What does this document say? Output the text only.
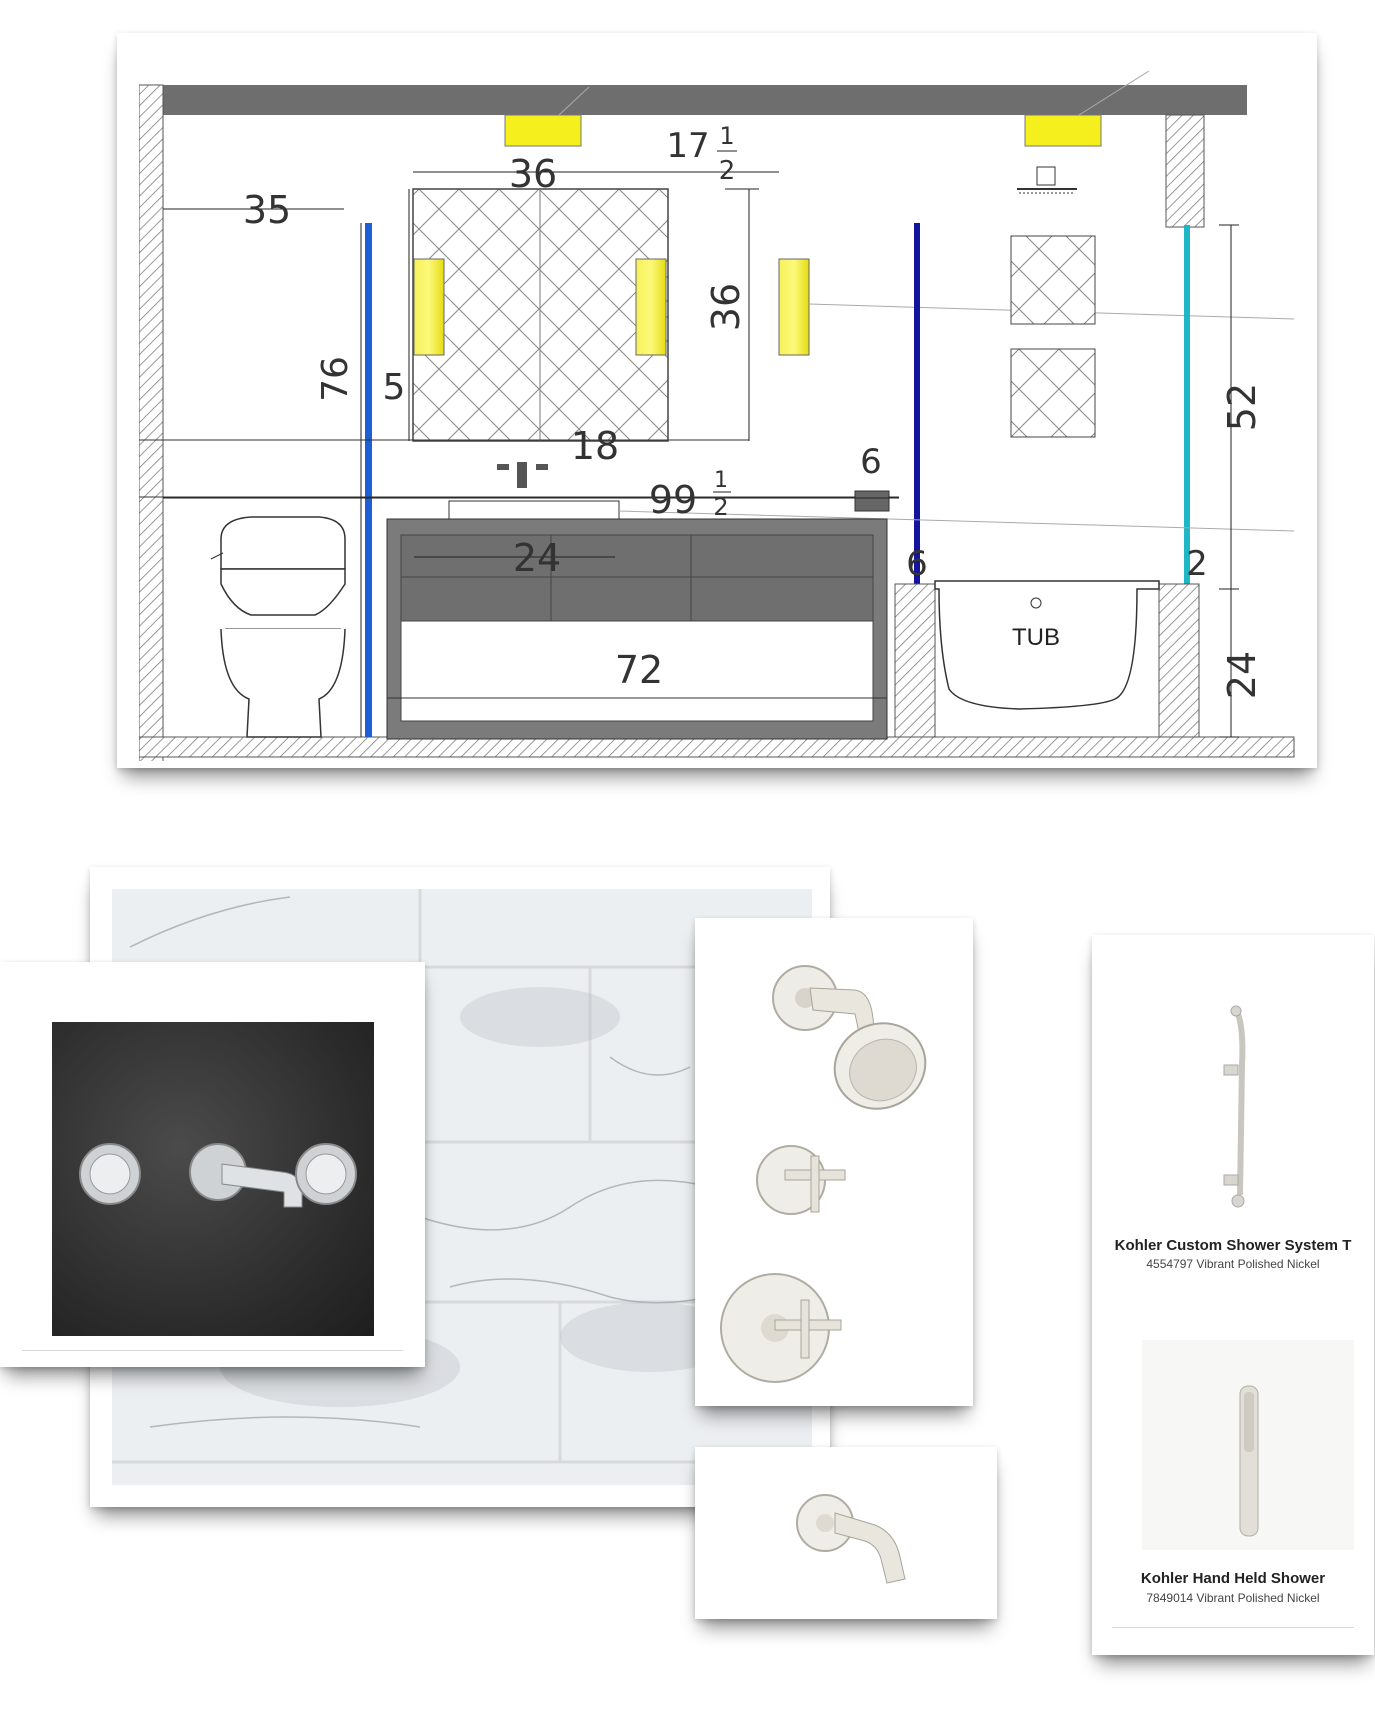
TUB
35
36
17 1
2
36
76 5
18
99 1
2
6
24
72
6	2
52
24
Kohler Custom Shower System T
4554797 Vibrant Polished Nickel
Kohler Hand Held Shower
7849014 Vibrant Polished Nickel
